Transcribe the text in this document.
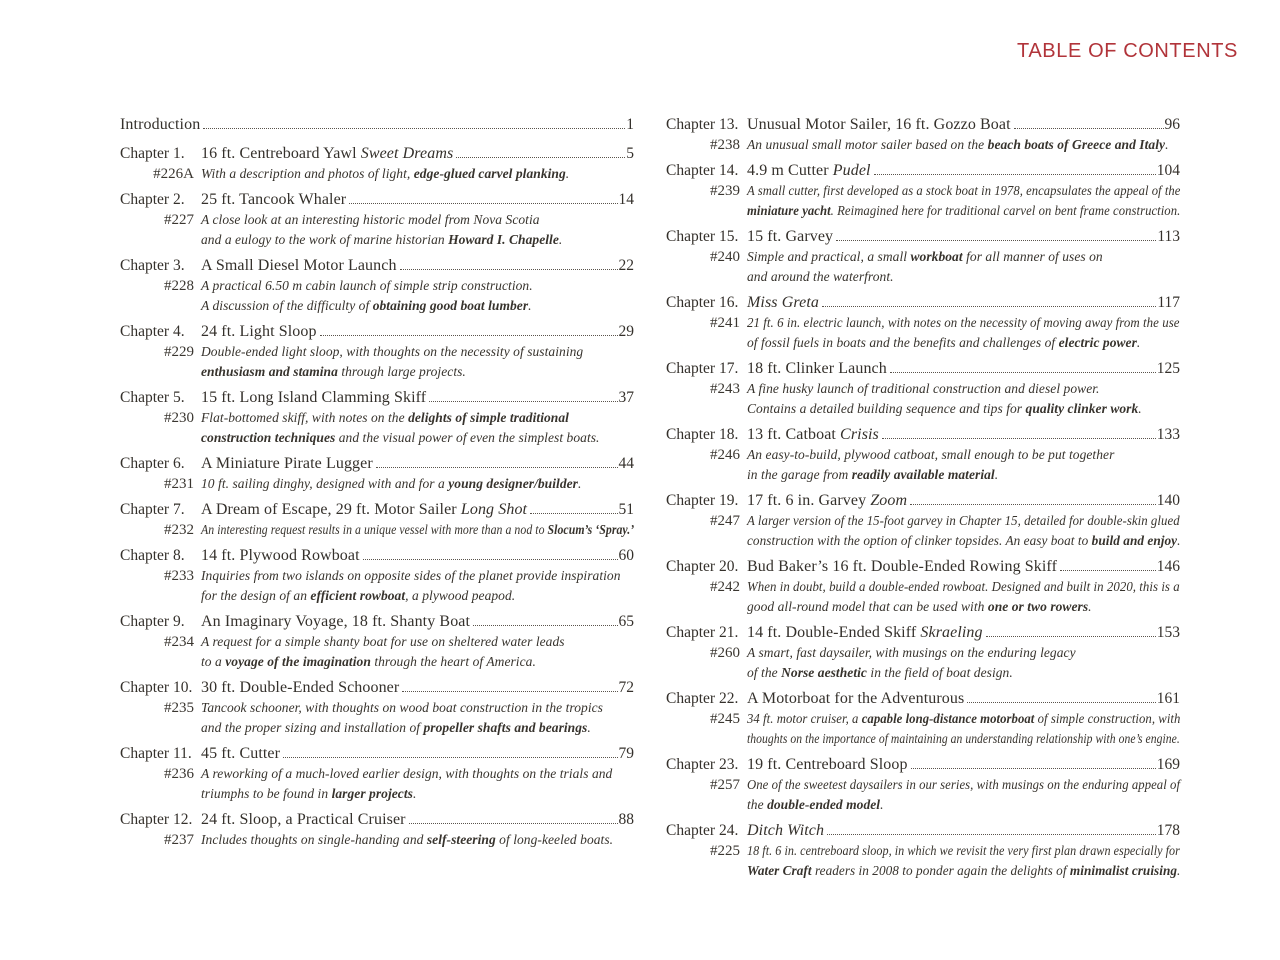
TABLE OF CONTENTS
Introduction	1
Chapter 1.	16 ft. Centreboard Yawl Sweet Dreams	5
#226A With a description and photos of light, edge-glued carvel planking.
Chapter 2.	25 ft. Tancook Whaler	14
#227 A close look at an interesting historic model from Nova Scotia
and a eulogy to the work of marine historian Howard I. Chapelle.
Chapter 3.	A Small Diesel Motor Launch	22
#228 A practical 6.50 m cabin launch of simple strip construction.
A discussion of the difficulty of obtaining good boat lumber.
Chapter 4.	24 ft. Light Sloop	29
#229 Double-ended light sloop, with thoughts on the necessity of sustaining
enthusiasm and stamina through large projects.
Chapter 5.	15 ft. Long Island Clamming Skiff	37
#230 Flat-bottomed skiff, with notes on the delights of simple traditional
construction techniques and the visual power of even the simplest boats.
Chapter 6.	A Miniature Pirate Lugger	44
#231 10 ft. sailing dinghy, designed with and for a young designer/builder.
Chapter 7.	A Dream of Escape, 29 ft. Motor Sailer Long Shot	51
#232 An interesting request results in a unique vessel with more than a nod to Slocum’s ‘Spray.’
Chapter 8.	14 ft. Plywood Rowboat	60
#233 Inquiries from two islands on opposite sides of the planet provide inspiration
for the design of an efficient rowboat, a plywood peapod.
Chapter 9.	An Imaginary Voyage, 18 ft. Shanty Boat	65
#234 A request for a simple shanty boat for use on sheltered water leads
to a voyage of the imagination through the heart of America.
Chapter 10. 30 ft. Double-Ended Schooner	72
#235 Tancook schooner, with thoughts on wood boat construction in the tropics
and the proper sizing and installation of propeller shafts and bearings.
Chapter 11. 45 ft. Cutter	79
#236 A reworking of a much-loved earlier design, with thoughts on the trials and
triumphs to be found in larger projects.
Chapter 12. 24 ft. Sloop, a Practical Cruiser	88
#237 Includes thoughts on single-handing and self-steering of long-keeled boats.
Chapter 13. Unusual Motor Sailer, 16 ft. Gozzo Boat	96
#238 An unusual small motor sailer based on the beach boats of Greece and Italy.
Chapter 14. 4.9 m Cutter Pudel	104
#239 A small cutter, first developed as a stock boat in 1978, encapsulates the appeal of the
miniature yacht. Reimagined here for traditional carvel on bent frame construction.
Chapter 15. 15 ft. Garvey	113
#240 Simple and practical, a small workboat for all manner of uses on
and around the waterfront.
Chapter 16. Miss Greta	117
#241 21 ft. 6 in. electric launch, with notes on the necessity of moving away from the use
of fossil fuels in boats and the benefits and challenges of electric power.
Chapter 17. 18 ft. Clinker Launch	125
#243 A fine husky launch of traditional construction and diesel power.
Contains a detailed building sequence and tips for quality clinker work.
Chapter 18. 13 ft. Catboat Crisis	133
#246 An easy-to-build, plywood catboat, small enough to be put together
in the garage from readily available material.
Chapter 19. 17 ft. 6 in. Garvey Zoom	140
#247 A larger version of the 15-foot garvey in Chapter 15, detailed for double-skin glued
construction with the option of clinker topsides. An easy boat to build and enjoy.
Chapter 20. Bud Baker’s 16 ft. Double-Ended Rowing Skiff	146
#242 When in doubt, build a double-ended rowboat. Designed and built in 2020, this is a
good all-round model that can be used with one or two rowers.
Chapter 21. 14 ft. Double-Ended Skiff Skraeling	153
#260 A smart, fast daysailer, with musings on the enduring legacy
of the Norse aesthetic in the field of boat design.
Chapter 22. A Motorboat for the Adventurous	161
#245 34 ft. motor cruiser, a capable long-distance motorboat of simple construction, with
thoughts on the importance of maintaining an understanding relationship with one’s engine.
Chapter 23. 19 ft. Centreboard Sloop	169
#257 One of the sweetest daysailers in our series, with musings on the enduring appeal of
the double-ended model.
Chapter 24. Ditch Witch	178
#225 18 ft. 6 in. centreboard sloop, in which we revisit the very first plan drawn especially for
Water Craft readers in 2008 to ponder again the delights of minimalist cruising.
